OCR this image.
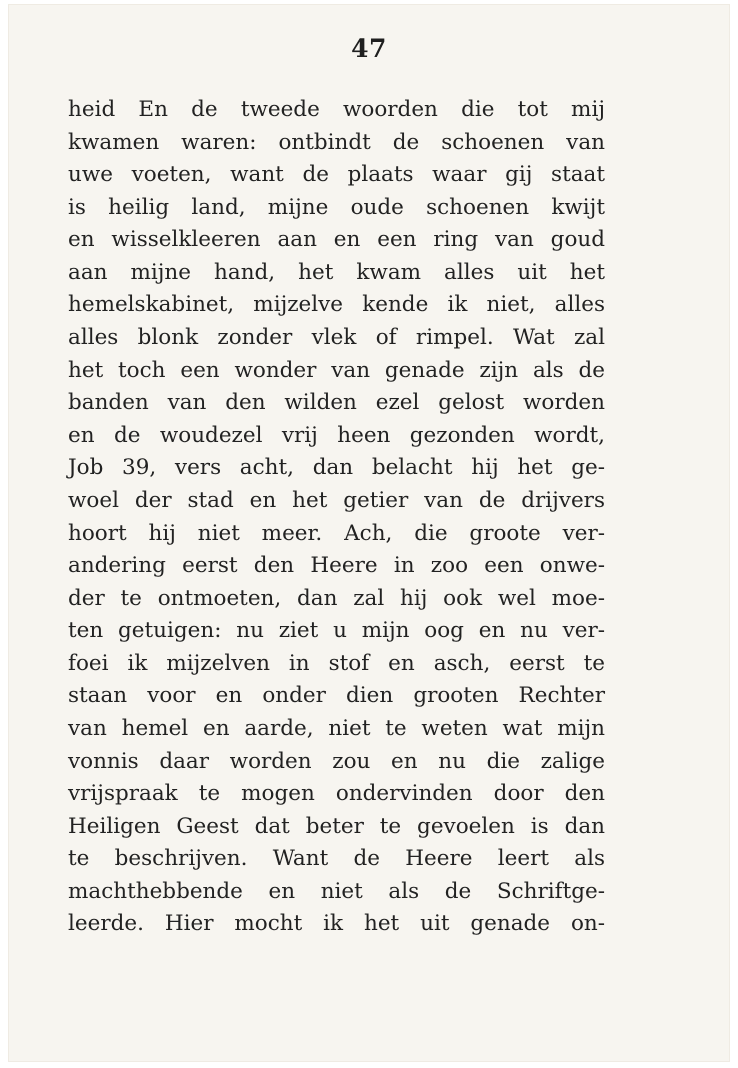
47
heid En de tweede woorden die tot mij
kwamen waren: ontbindt de schoenen van
uwe voeten, want de plaats waar gij staat
is heilig land, mijne oude schoenen kwijt
en wisselkleeren aan en een ring van goud
aan mijne hand, het kwam alles uit het
hemelskabinet, mijzelve kende ik niet, alles
alles blonk zonder vlek of rimpel. Wat zal
het toch een wonder van genade zijn als de
banden van den wilden ezel gelost worden
en de woudezel vrij heen gezonden wordt,
Job 39, vers acht, dan belacht hij het ge-
woel der stad en het getier van de drijvers
hoort hij niet meer. Ach, die groote ver-
andering eerst den Heere in zoo een onwe-
der te ontmoeten, dan zal hij ook wel moe-
ten getuigen: nu ziet u mijn oog en nu ver-
foei ik mijzelven in stof en asch, eerst te
staan voor en onder dien grooten Rechter
van hemel en aarde, niet te weten wat mijn
vonnis daar worden zou en nu die zalige
vrijspraak te mogen ondervinden door den
Heiligen Geest dat beter te gevoelen is dan
te beschrijven. Want de Heere leert als
machthebbende en niet als de Schriftge-
leerde. Hier mocht ik het uit genade on-
